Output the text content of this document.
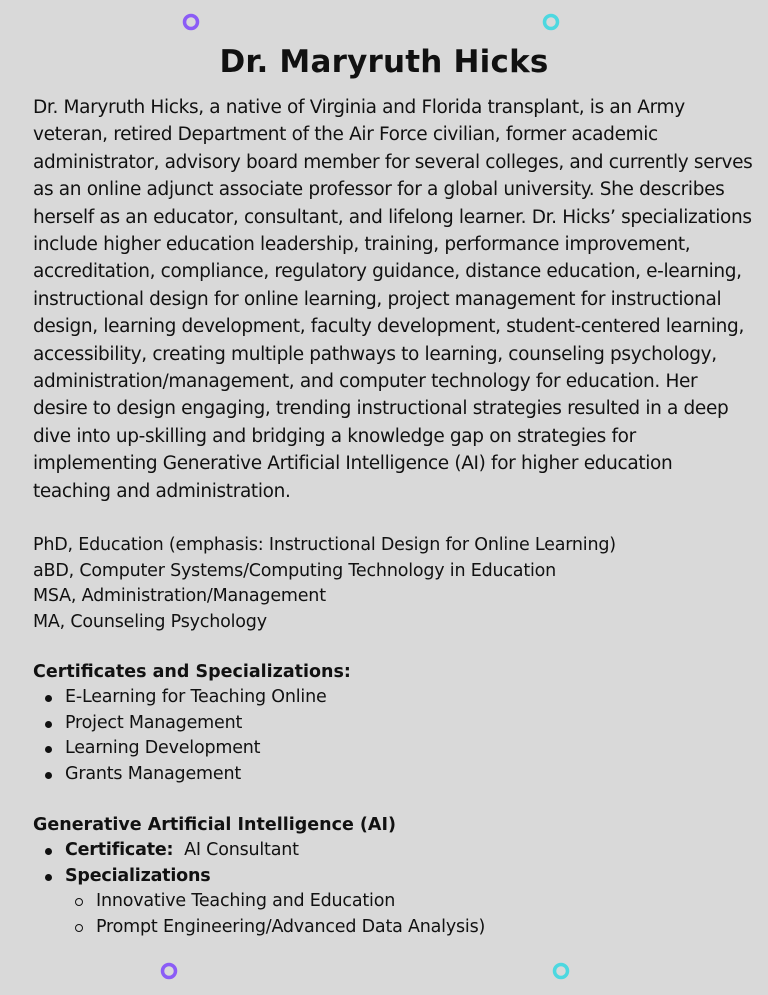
Dr. Maryruth Hicks

Dr. Maryruth Hicks, a native of Virginia and Florida transplant, is an Army veteran, retired Department of the Air Force civilian, former academic administrator, advisory board member for several colleges, and currently serves as an online adjunct associate professor for a global university. She describes herself as an educator, consultant, and lifelong learner. Dr. Hicks’ specializations include higher education leadership, training, performance improvement, accreditation, compliance, regulatory guidance, distance education, e-learning, instructional design for online learning, project management for instructional design, learning development, faculty development, student-centered learning, accessibility, creating multiple pathways to learning, counseling psychology, administration/management, and computer technology for education. Her desire to design engaging, trending instructional strategies resulted in a deep dive into up-skilling and bridging a knowledge gap on strategies for implementing Generative Artificial Intelligence (AI) for higher education teaching and administration.

PhD, Education (emphasis: Instructional Design for Online Learning)
aBD, Computer Systems/Computing Technology in Education
MSA, Administration/Management
MA, Counseling Psychology
Certificates and Specializations:
E-Learning for Teaching Online
Project Management
Learning Development
Grants Management
Generative Artificial Intelligence (AI)
Certificate: AI Consultant
Specializations
Innovative Teaching and Education
Prompt Engineering/Advanced Data Analysis)
